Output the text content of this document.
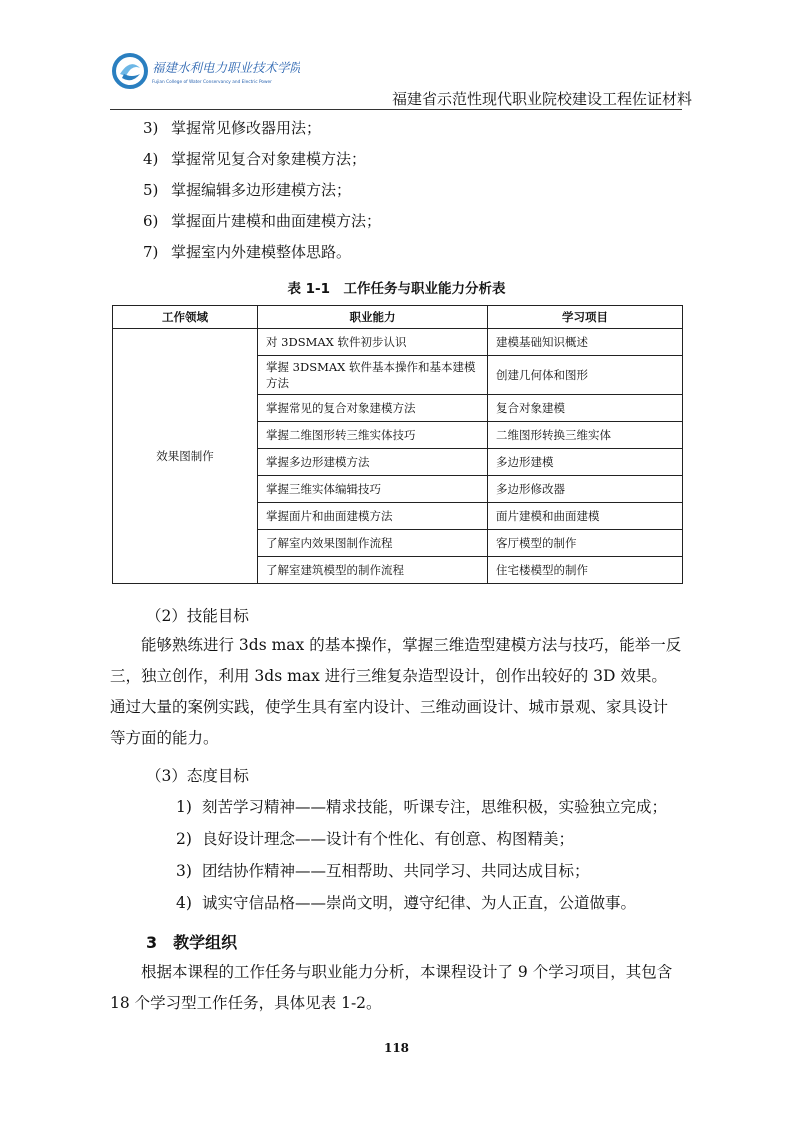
福建水利电力职业技术学院
Fujian College of Water Conservancy and Electric Power
福建省示范性现代职业院校建设工程佐证材料
3) 掌握常见修改器用法；
4) 掌握常见复合对象建模方法；
5) 掌握编辑多边形建模方法；
6) 掌握面片建模和曲面建模方法；
7) 掌握室内外建模整体思路。
表 1-1　工作任务与职业能力分析表
工作领域	职业能力	学习项目
效果图制作	对 3DSMAX 软件初步认识	建模基础知识概述
	掌握 3DSMAX 软件基本操作和基本建模方法	创建几何体和图形
	掌握常见的复合对象建模方法	复合对象建模
	掌握二维图形转三维实体技巧	二维图形转换三维实体
	掌握多边形建模方法	多边形建模
	掌握三维实体编辑技巧	多边形修改器
	掌握面片和曲面建模方法	面片建模和曲面建模
	了解室内效果图制作流程	客厅模型的制作
	了解室建筑模型的制作流程	住宅楼模型的制作
（2）技能目标
能够熟练进行 3ds max 的基本操作，掌握三维造型建模方法与技巧，能举一反三，独立创作，利用 3ds max 进行三维复杂造型设计，创作出较好的 3D 效果。通过大量的案例实践，使学生具有室内设计、三维动画设计、城市景观、家具设计等方面的能力。
（3）态度目标
1) 刻苦学习精神——精求技能，听课专注，思维积极，实验独立完成；
2) 良好设计理念——设计有个性化、有创意、构图精美；
3) 团结协作精神——互相帮助、共同学习、共同达成目标；
4) 诚实守信品格——崇尚文明，遵守纪律、为人正直，公道做事。
3　教学组织
根据本课程的工作任务与职业能力分析，本课程设计了 9 个学习项目，其包含 18 个学习型工作任务，具体见表 1-2。
118
